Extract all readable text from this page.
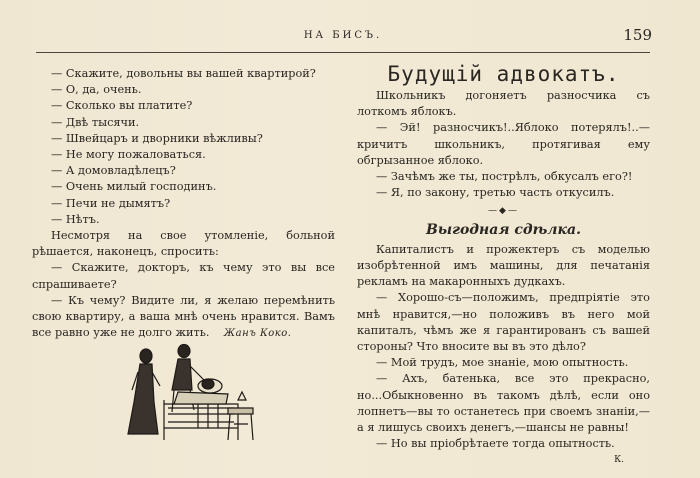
НА БИСЪ.	159

— Скажите, довольны вы вашей квартирой?

— О, да, очень.

— Сколько вы платите?

— Двѣ тысячи.

— Швейцаръ и дворники вѣжливы?

— Не могу пожаловаться.

— А домовладѣлецъ?

— Очень милый господинъ.

— Печи не дымятъ?

— Нѣтъ.

Несмотря на свое утомленіе, больной рѣшается, наконецъ, спросить:

— Скажите, докторъ, къ чему это вы все спрашиваете?

— Къ чему? Видите ли, я желаю перемѣнить свою квартиру, а ваша мнѣ очень нравится. Вамъ все равно уже не долго жить. Жанъ Коко.

Будущій адвокатъ.

Школьникъ догоняетъ разносчика съ лоткомъ яблокъ.

— Эй! разносчикъ!..Яблоко потерялъ!..—кричитъ школьникъ, протягивая ему обгрызанное яблоко.

— Зачѣмъ же ты, пострѣлъ, обкусалъ его?!

— Я, по закону, третью часть откусилъ.

—◆—
Выгодная сдѣлка.

Капиталистъ и прожектеръ съ моделью изобрѣтенной имъ машины, для печатанія рекламъ на макаронныхъ дудкахъ.

— Хорошо-съ—положимъ, предпріятіе это мнѣ нравится,—но положивъ въ него мой капиталъ, чѣмъ же я гарантированъ съ вашей стороны? Что вносите вы въ это дѣло?

— Мой трудъ, мое знаніе, мою опытность.

— Ахъ, батенька, все это прекрасно, но...Обыкновенно въ такомъ дѣлѣ, если оно лопнетъ—вы то останетесь при своемъ знаніи,—а я лишусь своихъ денегъ,—шансы не равны!

— Но вы пріобрѣтаете тогда опытность.

К.
